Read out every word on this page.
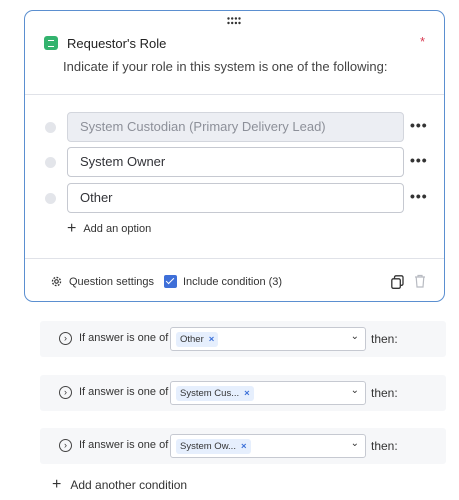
Requestor's Role	*
Indicate if your role in this system is one of the following:
System Custodian (Primary Delivery Lead)	•••
System Owner	•••
Other	•••
+ Add an option
Question settings	Include condition (3)
›	If answer is one of Other ×	⌄ then:
›	If answer is one of System Cus... ×	⌄ then:
›	If answer is one of System Ow... ×	⌄ then:
+ Add another condition
